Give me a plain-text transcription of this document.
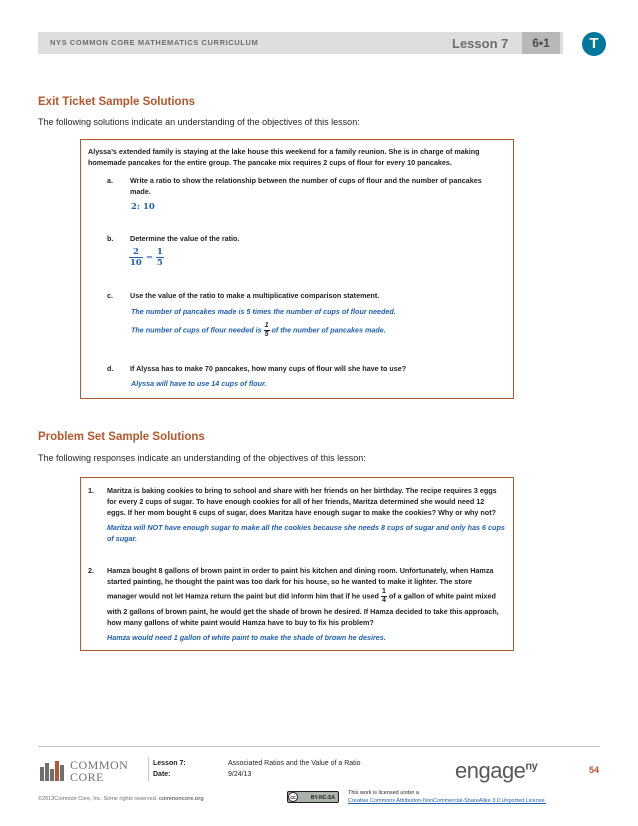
NYS COMMON CORE MATHEMATICS CURRICULUM	Lesson 7	6•1	T
Exit Ticket Sample Solutions
The following solutions indicate an understanding of the objectives of this lesson:
Alyssa’s extended family is staying at the lake house this weekend for a family reunion. She is in charge of making homemade pancakes for the entire group. The pancake mix requires 2 cups of flour for every 10 pancakes.
a. Write a ratio to show the relationship between the number of cups of flour and the number of pancakes made.
2: 10
b. Determine the value of the ratio.
$\frac{2}{10} = \frac{1}{5}$
c. Use the value of the ratio to make a multiplicative comparison statement.
The number of pancakes made is 5 times the number of cups of flour needed.
The number of cups of flour needed is $\frac{1}{5}$ of the number of pancakes made.
d. If Alyssa has to make 70 pancakes, how many cups of flour will she have to use?
Alyssa will have to use 14 cups of flour.
Problem Set Sample Solutions
The following responses indicate an understanding of the objectives of this lesson:
1. Maritza is baking cookies to bring to school and share with her friends on her birthday. The recipe requires 3 eggs
for every 2 cups of sugar. To have enough cookies for all of her friends, Maritza determined she would need 12
eggs. If her mom bought 6 cups of sugar, does Maritza have enough sugar to make the cookies? Why or why not?
Maritza will NOT have enough sugar to make all the cookies because she needs 8 cups of sugar and only has 6 cups
of sugar.
2. Hamza bought 8 gallons of brown paint in order to paint his kitchen and dining room. Unfortunately, when Hamza
started painting, he thought the paint was too dark for his house, so he wanted to make it lighter. The store
manager would not let Hamza return the paint but did inform him that if he used $\frac{1}{4}$ of a gallon of white paint mixed
with 2 gallons of brown paint, he would get the shade of brown he desired. If Hamza decided to take this approach,
how many gallons of white paint would Hamza have to buy to fix his problem?
Hamza would need 1 gallon of white paint to make the shade of brown he desires.
COMMON
CORE
Lesson 7:	Associated Ratios and the Value of a Ratio
Date:	9/24/13	engage$^{ny}$	54
©2013Common Core, Inc. Some rights reserved. commoncore.org	BY-NC-SA
cc
This work is licensed under a
Creative Commons Attribution-NonCommercial-ShareAlike 3.0 Unported License.
